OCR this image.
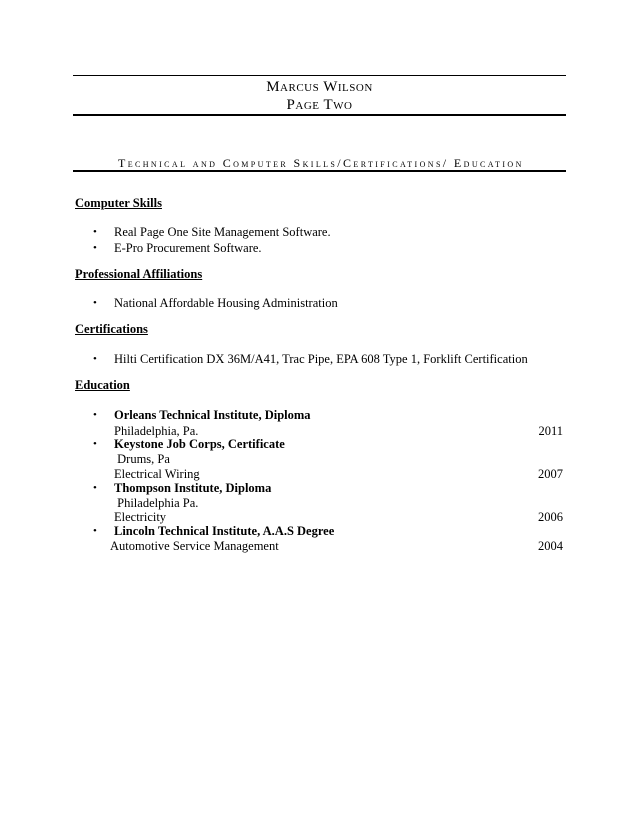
Marcus Wilson
Page Two
Technical and Computer Skills/Certifications/ Education
Computer Skills
• Real Page One Site Management Software.
• E-Pro Procurement Software.
Professional Affiliations
• National Affordable Housing Administration
Certifications
• Hilti Certification DX 36M/A41, Trac Pipe, EPA 608 Type 1, Forklift Certification
Education
• Orleans Technical Institute, Diploma
Philadelphia, Pa.	2011
• Keystone Job Corps, Certificate
Drums, Pa
Electrical Wiring	2007
• Thompson Institute, Diploma
Philadelphia Pa.
Electricity	2006
• Lincoln Technical Institute, A.A.S Degree
Automotive Service Management	2004
